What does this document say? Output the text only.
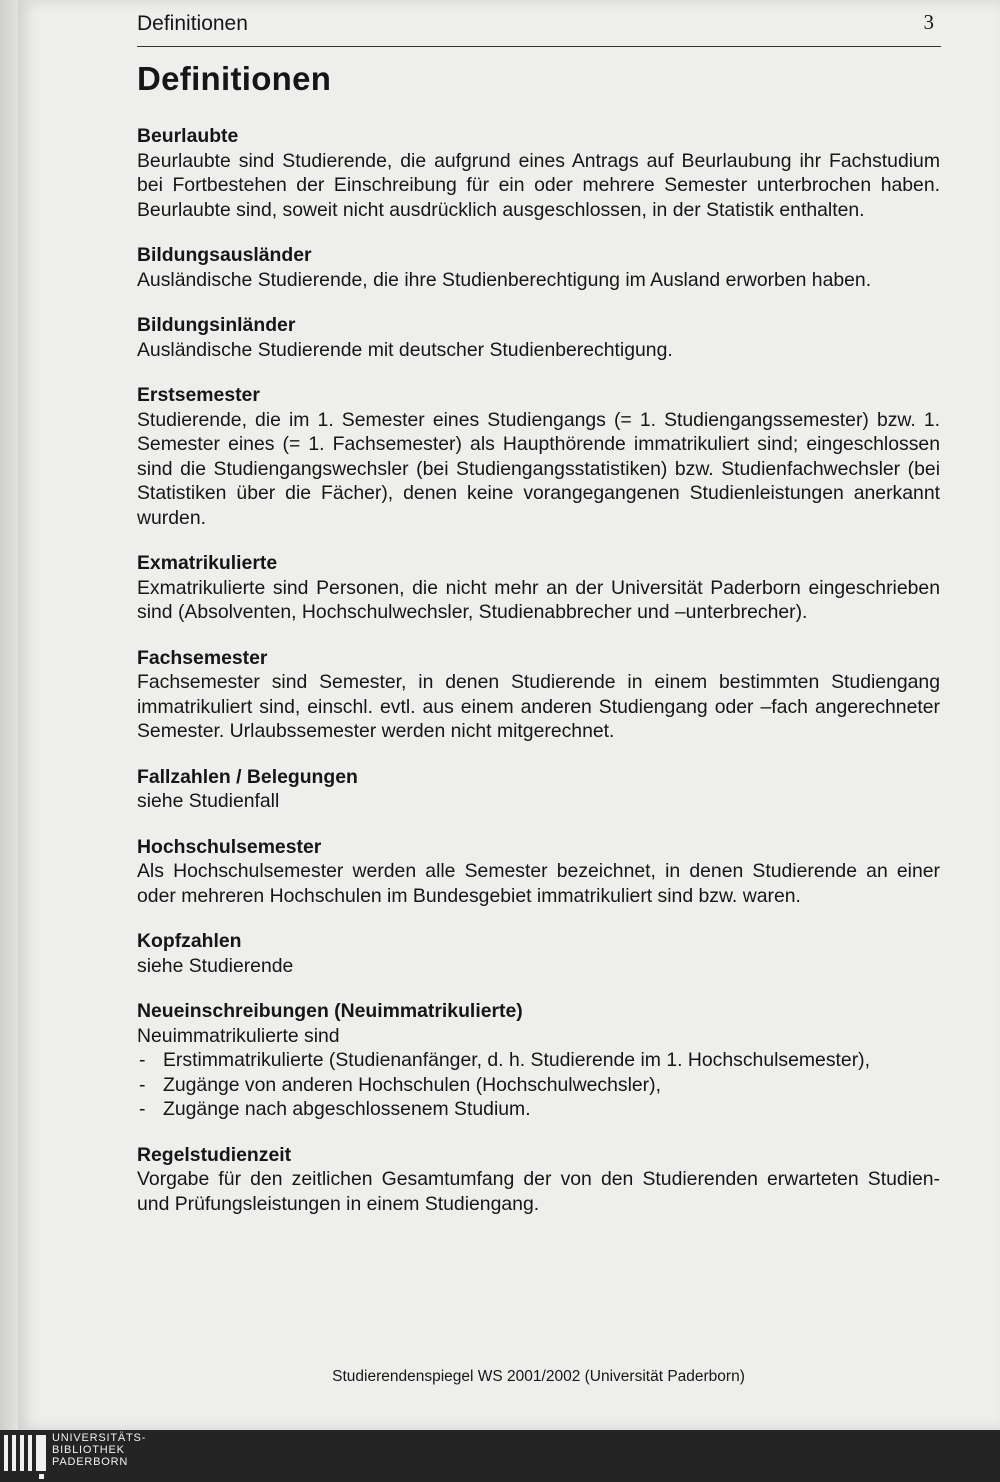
Definitionen	3
Definitionen

Beurlaubte

Beurlaubte sind Studierende, die aufgrund eines Antrags auf Beurlaubung ihr Fachstudium bei Fortbestehen der Einschreibung für ein oder mehrere Semester unterbrochen haben. Beurlaubte sind, soweit nicht ausdrücklich ausgeschlossen, in der Statistik enthalten.

Bildungsausländer

Ausländische Studierende, die ihre Studienberechtigung im Ausland erworben haben.

Bildungsinländer

Ausländische Studierende mit deutscher Studienberechtigung.

Erstsemester

Studierende, die im 1. Semester eines Studiengangs (= 1. Studiengangssemester) bzw. 1. Semester eines (= 1. Fachsemester) als Haupthörende immatrikuliert sind; eingeschlossen sind die Studiengangswechsler (bei Studiengangsstatistiken) bzw. Studienfachwechsler (bei Statistiken über die Fächer), denen keine vorangegangenen Studienleistungen anerkannt wurden.

Exmatrikulierte

Exmatrikulierte sind Personen, die nicht mehr an der Universität Paderborn eingeschrieben sind (Absolventen, Hochschulwechsler, Studienabbrecher und –unterbrecher).

Fachsemester

Fachsemester sind Semester, in denen Studierende in einem bestimmten Studiengang immatrikuliert sind, einschl. evtl. aus einem anderen Studiengang oder –fach angerechneter Semester. Urlaubssemester werden nicht mitgerechnet.

Fallzahlen / Belegungen

siehe Studienfall

Hochschulsemester

Als Hochschulsemester werden alle Semester bezeichnet, in denen Studierende an einer oder mehreren Hochschulen im Bundesgebiet immatrikuliert sind bzw. waren.

Kopfzahlen

siehe Studierende

Neueinschreibungen (Neuimmatrikulierte)

Neuimmatrikulierte sind

- Erstimmatrikulierte (Studienanfänger, d. h. Studierende im 1. Hochschulsemester),
- Zugänge von anderen Hochschulen (Hochschulwechsler),
- Zugänge nach abgeschlossenem Studium.

Regelstudienzeit

Vorgabe für den zeitlichen Gesamtumfang der von den Studierenden erwarteten Studien- und Prüfungsleistungen in einem Studiengang.

Studierendenspiegel WS 2001/2002 (Universität Paderborn)
UNIVERSITÄTS-
BIBLIOTHEK
PADERBORN
